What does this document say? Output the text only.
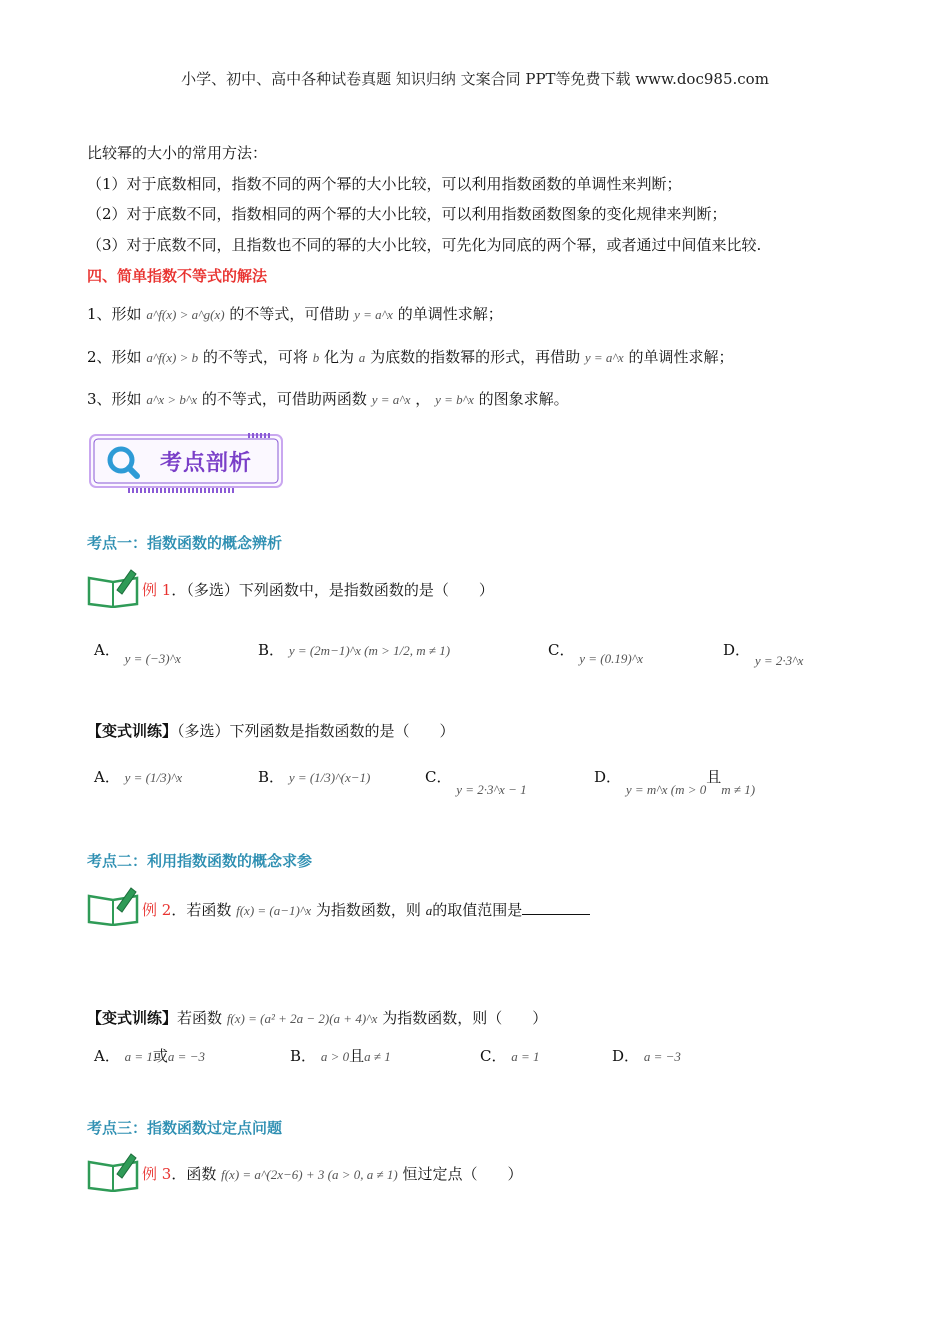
小学、初中、高中各种试卷真题 知识归纳 文案合同 PPT等免费下载 www.doc985.com
比较幂的大小的常用方法：
（1）对于底数相同，指数不同的两个幂的大小比较，可以利用指数函数的单调性来判断；
（2）对于底数不同，指数相同的两个幂的大小比较，可以利用指数函数图象的变化规律来判断；
（3）对于底数不同，且指数也不同的幂的大小比较，可先化为同底的两个幂，或者通过中间值来比较.
四、简单指数不等式的解法
1、形如 a^f(x) > a^g(x) 的不等式，可借助 y = a^x 的单调性求解；
2、形如 a^f(x) > b 的不等式，可将 b 化为 a 为底数的指数幂的形式，再借助 y = a^x 的单调性求解；
3、形如 a^x > b^x 的不等式，可借助两函数 y = a^x ， y = b^x 的图象求解。
考点剖析
考点一：指数函数的概念辨析
例 1．（多选）下列函数中，是指数函数的是（　　）
A． y = (−3)^x	B． y = (2m−1)^x (m > 1/2, m ≠ 1)	C． y = (0.19)^x	D． y = 2·3^x
【变式训练】（多选）下列函数是指数函数的是（　　）
A． y = (1/3)^x	B． y = (1/3)^(x−1)	C． y = 2·3^x − 1
D． y = m^x (m > 0且m ≠ 1)
考点二：利用指数函数的概念求参
例 2．若函数 f(x) = (a−1)^x 为指数函数，则 a的取值范围是
【变式训练】若函数 f(x) = (a² + 2a − 2)(a + 4)^x 为指数函数，则（　　）
A． a = 1或a = −3	B． a > 0且a ≠ 1	C． a = 1	D． a = −3
考点三：指数函数过定点问题
例 3．函数 f(x) = a^(2x−6) + 3 (a > 0, a ≠ 1) 恒过定点（　　）
